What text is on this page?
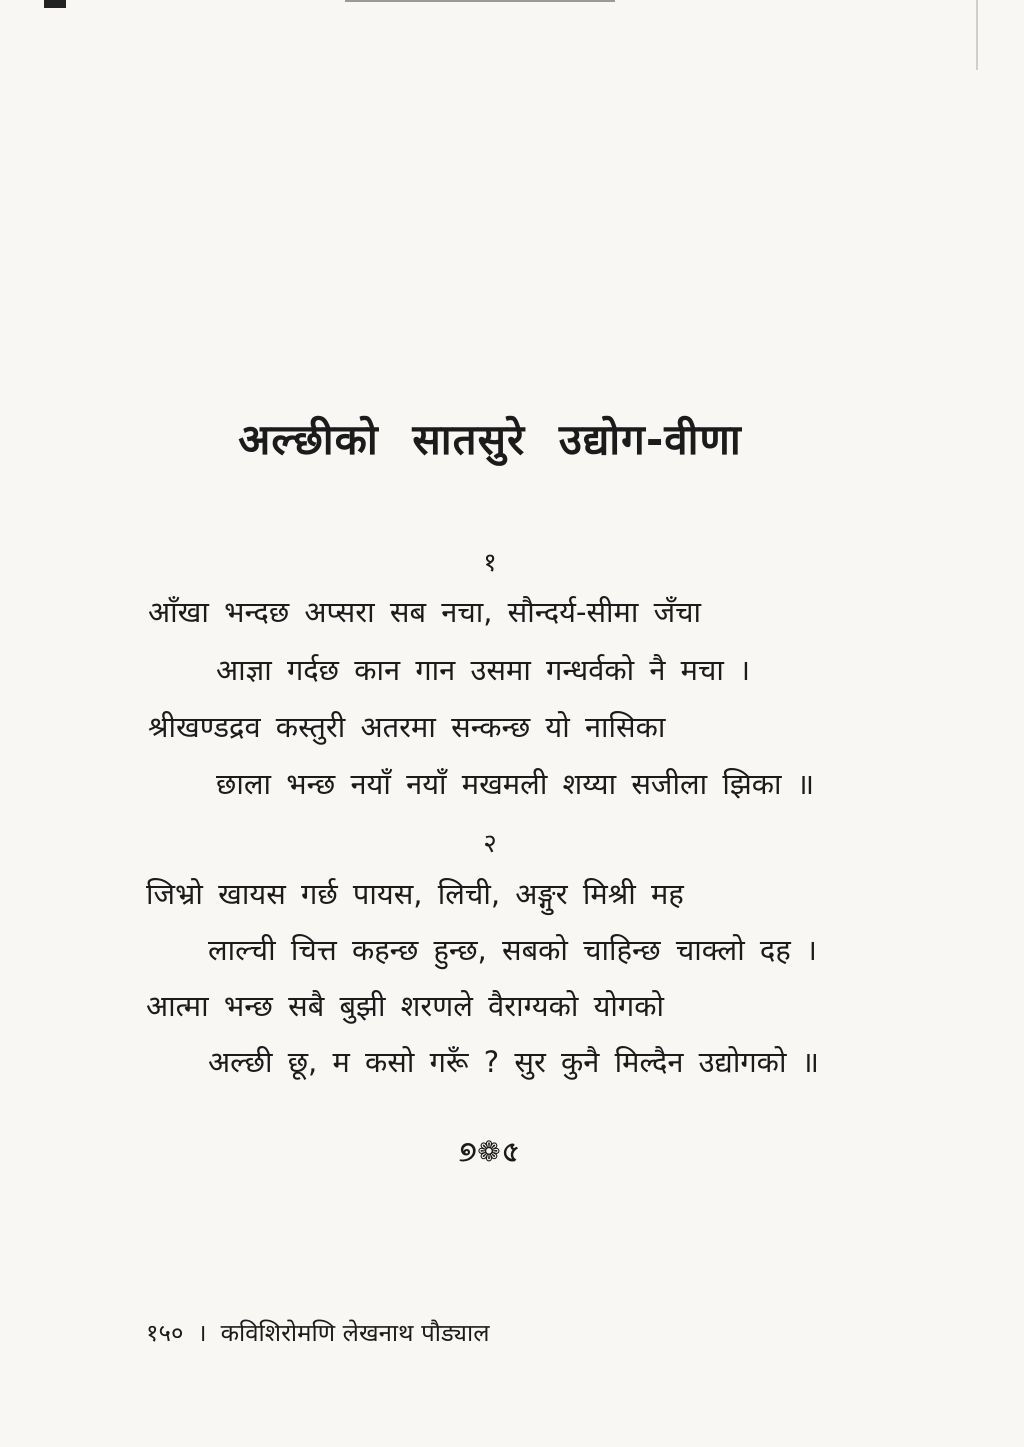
अल्छीको सातसुरे उद्योग-वीणा
१
आँखा भन्दछ अप्सरा सब नचा, सौन्दर्य-सीमा जँचा
आज्ञा गर्दछ कान गान उसमा गन्धर्वको नै मचा ।
श्रीखण्डद्रव कस्तुरी अतरमा सन्कन्छ यो नासिका
छाला भन्छ नयाँ नयाँ मखमली शय्या सजीला झिका ॥
२
जिभ्रो खायस गर्छ पायस, लिची, अङ्गुर मिश्री मह
लाल्ची चित्त कहन्छ हुन्छ, सबको चाहिन्छ चाक्लो दह ।
आत्मा भन्छ सबै बुझी शरणले वैराग्यको योगको
अल्छी छू, म कसो गरूँ ? सुर कुनै मिल्दैन उद्योगको ॥
୭❁৫
१५० । कविशिरोमणि लेखनाथ पौड्याल
